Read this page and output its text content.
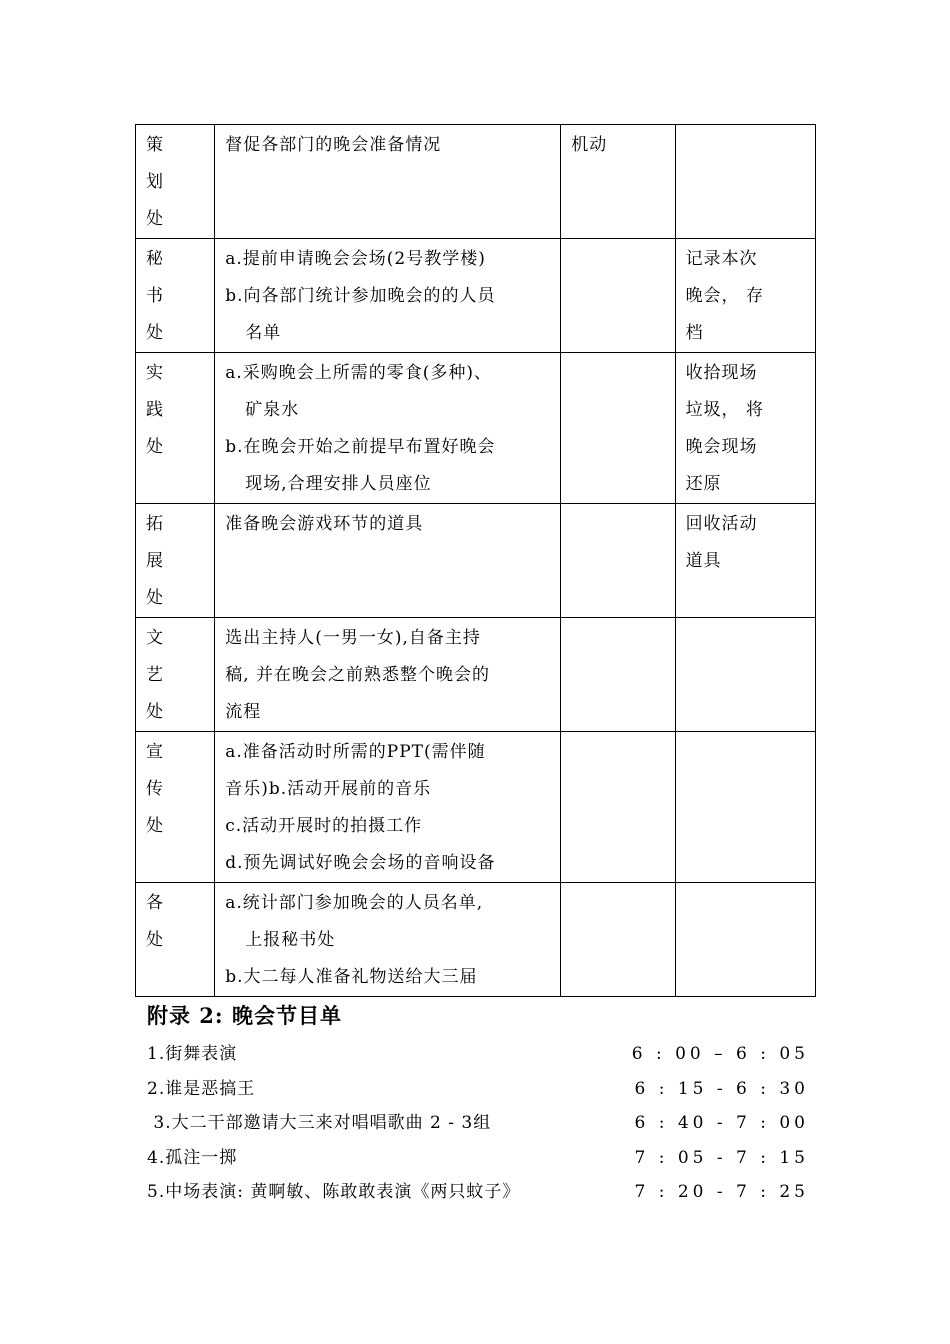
策
划
处	督促各部门的晚会准备情况	机动	
秘
书
处	a.提前申请晚会会场(2号教学楼)
b.向各部门统计参加晚会的的人员
名单		记录本次
晚会， 存
档

实
践
处	a.采购晚会上所需的零食(多种)、
矿泉水
b.在晚会开始之前提早布置好晚会
现场,合理安排人员座位		收拾现场
垃圾， 将
晚会现场
还原

拓
展
处	准备晚会游戏环节的道具		回收活动
道具

文
艺
处	选出主持人(一男一女),自备主持
稿, 并在晚会之前熟悉整个晚会的
流程		

宣
传
处	a.准备活动时所需的PPT(需伴随
音乐)b.活动开展前的音乐
c.活动开展时的拍摄工作
d.预先调试好晚会会场的音响设备		

各
处	a.统计部门参加晚会的人员名单,
上报秘书处
b.大二每人准备礼物送给大三届		

附录 2: 晚会节目单
1.街舞表演	6 : 00 – 6 : 05
2.谁是恶搞王	6 : 15 - 6 : 30
3.大二干部邀请大三来对唱唱歌曲 2 - 3组	6 : 40 - 7 : 00
4.孤注一掷	7 : 05 - 7 : 15
5.中场表演: 黄啊敏、陈敢敢表演《两只蚊子》	7 : 20 - 7 : 25
